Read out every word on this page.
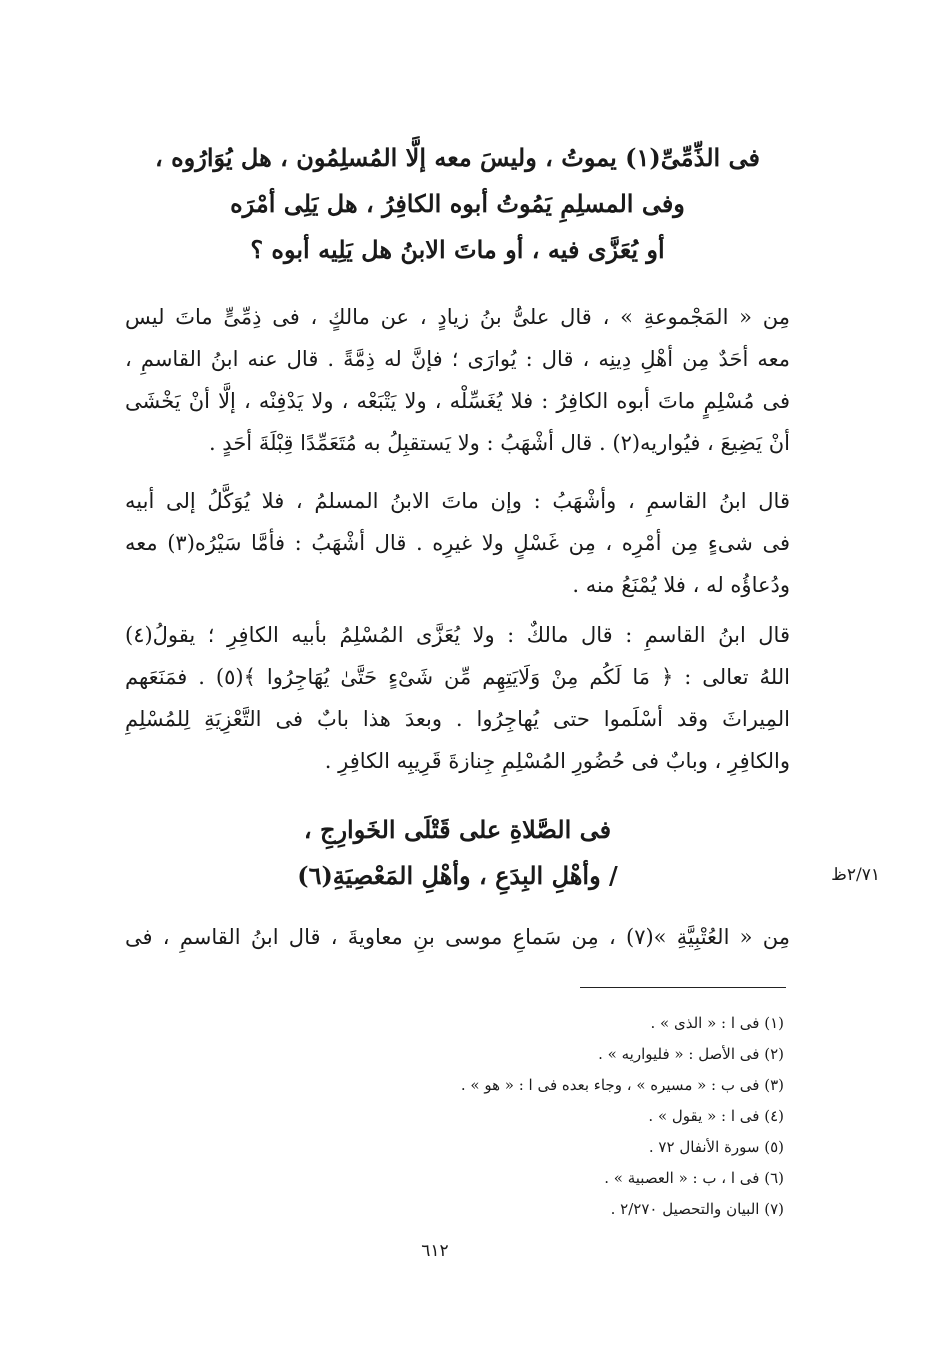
فى الذِّمِّىِّ(١) يموتُ ، وليسَ معه إلَّا المُسلِمُون ، هل يُوَارُوه ،
وفى المسلِمِ يَمُوتُ أبوه الكافِرُ ، هل يَلِى أمْرَه
أو يُعَزَّى فيه ، أو ماتَ الابنُ هل يَلِيه أبوه ؟
مِن « المَجْموعةِ » ، قال علىُّ بنُ زيادٍ ، عن مالكٍ ، فى ذِمِّىٍّ ماتَ ليس
معه أحَدٌ مِن أهْلِ دِينِه ، قال : يُوارَى ؛ فإنَّ له ذِمَّةً . قال عنه ابنُ القاسمِ ،
فى مُسْلِمٍ ماتَ أبوه الكافِرُ : فلا يُغَسِّلْه ، ولا يَتْبَعْه ، ولا يَدْفِنْه ، إلَّا أنْ يَخْشَى
أنْ يَضِيعَ ، فيُواريه(٢) . قال أشْهَبُ : ولا يَستقبِلُ به مُتَعَمِّدًا قِبْلَةَ أحَدٍ .
قال ابنُ القاسمِ ، وأشْهَبُ : وإن ماتَ الابنُ المسلمُ ، فلا يُوَكَّلُ إلى أبيه
فى شىءٍ مِن أمْرِه ، مِن غَسْلٍ ولا غيرِه . قال أشْهَبُ : فأمَّا سَيْرُه(٣) معه
ودُعاؤُه له ، فلا يُمْنَعُ منه .
قال ابنُ القاسمِ : قال مالكٌ : ولا يُعَزَّى المُسْلِمُ بأبيه الكافِرِ ؛ يقولُ(٤)
اللهُ تعالى : ﴿ مَا لَكُم مِنْ وَلَايَتِهِم مِّن شَىْءٍ حَتَّىٰ يُهَاجِرُوا ﴾(٥) . فمَنَعَهم
المِيراثَ وقد أسْلَموا حتى يُهاجِرُوا . وبعدَ هذا بابٌ فى التَّعْزِيَةِ لِلمُسْلِمِ
والكافِرِ ، وبابٌ فى حُضُورِ المُسْلِمِ جِنازةَ قَرِيبِه الكافِرِ .
فى الصَّلاةِ على قَتْلَى الخَوارِجِ ،
/ وأهْلِ البِدَعِ ، وأهْلِ المَعْصِيَةِ(٦)	٢/٧١ظ
مِن « العُتْبِيَّةِ »(٧) ، مِن سَماعِ موسى بنِ معاويةَ ، قال ابنُ القاسمِ ، فى
(١) فى ا : « الذى » .
(٢) فى الأصل : « فليواريه » .
(٣) فى ب : « مسيره » ، وجاء بعده فى ا : « هو » .
(٤) فى ا : « يقول » .
(٥) سورة الأنفال ٧٢ .
(٦) فى ا ، ب : « العصبية » .
(٧) البيان والتحصيل ٢/٢٧٠ .
٦١٢
